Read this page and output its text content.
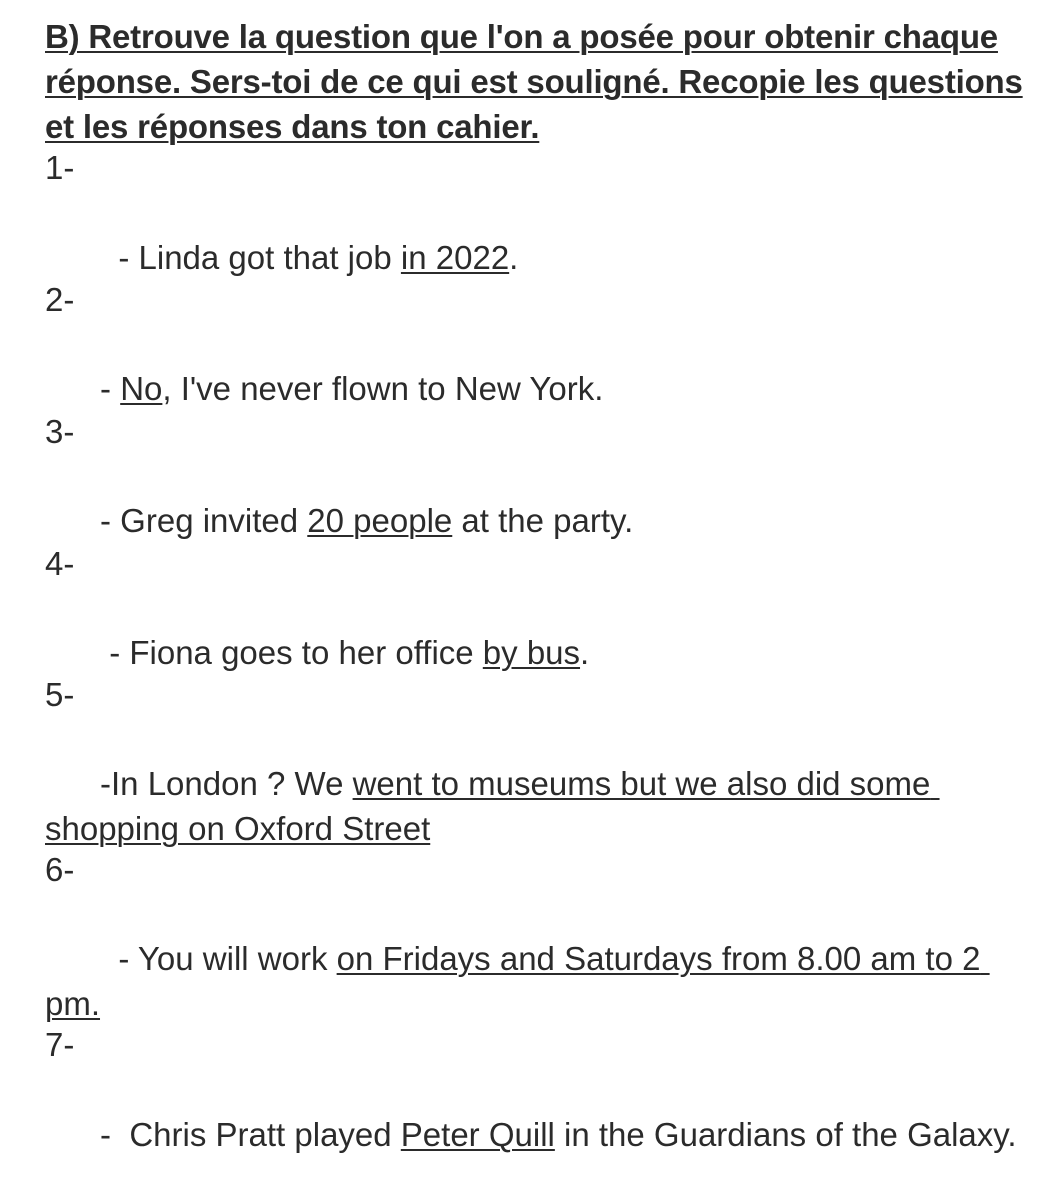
B) Retrouve la question que l'on a posée pour obtenir chaque réponse. Sers-toi de ce qui est souligné. Recopie les questions et les réponses dans ton cahier.
1-

- Linda got that job in 2022.

2-

- No, I've never flown to New York.

3-

- Greg invited 20 people at the party.

4-

- Fiona goes to her office by bus.

5-

-In London ? We went to museums but we also did some shopping on Oxford Street

6-

- You will work on Fridays and Saturdays from 8.00 am to 2 pm.

7-

-  Chris Pratt played Peter Quill in the Guardians of the Galaxy.
